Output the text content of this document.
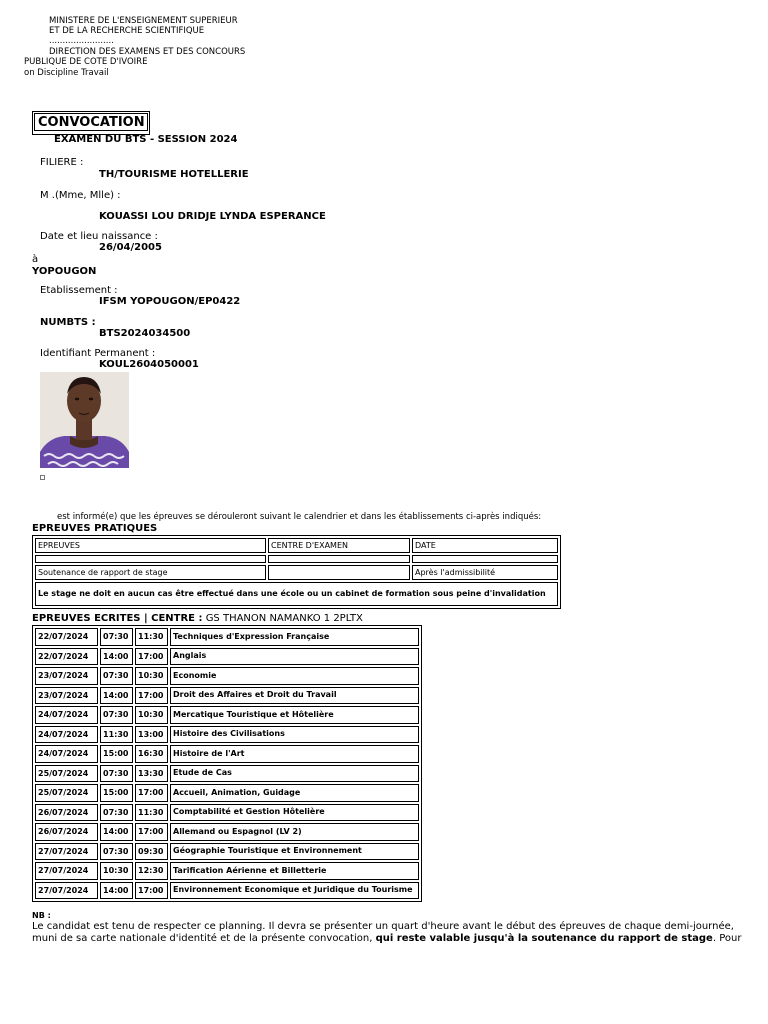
MINISTERE DE L'ENSEIGNEMENT SUPERIEUR
ET DE LA RECHERCHE SCIENTIFIQUE
........................
DIRECTION DES EXAMENS ET DES CONCOURS
PUBLIQUE DE COTE D'IVOIRE
on Discipline Travail
CONVOCATION
EXAMEN DU BTS - SESSION 2024
FILIERE :
TH/TOURISME HOTELLERIE
M .(Mme, Mlle) :
KOUASSI LOU DRIDJE LYNDA ESPERANCE
Date et lieu naissance :
26/04/2005
à
YOPOUGON
Etablissement :
IFSM YOPOUGON/EP0422
NUMBTS :
BTS2024034500
Identifiant Permanent :
KOUL2604050001
est informé(e) que les épreuves se dérouleront suivant le calendrier et dans les établissements ci-après indiqués:
EPREUVES PRATIQUES
EPREUVES	CENTRE D'EXAMEN	DATE

Soutenance de rapport de stage		Après l'admissibilité
Le stage ne doit en aucun cas être effectué dans une école ou un cabinet de formation sous peine d'invalidation		
EPREUVES ECRITES | CENTRE : GS THANON NAMANKO 1 2PLTX
22/07/2024	07:30	11:30	Techniques d'Expression Française
22/07/2024	14:00	17:00	Anglais
23/07/2024	07:30	10:30	Economie
23/07/2024	14:00	17:00	Droit des Affaires et Droit du Travail
24/07/2024	07:30	10:30	Mercatique Touristique et Hôtelière
24/07/2024	11:30	13:00	Histoire des Civilisations
24/07/2024	15:00	16:30	Histoire de l'Art
25/07/2024	07:30	13:30	Etude de Cas
25/07/2024	15:00	17:00	Accueil, Animation, Guidage
26/07/2024	07:30	11:30	Comptabilité et Gestion Hôtelière
26/07/2024	14:00	17:00	Allemand ou Espagnol (LV 2)
27/07/2024	07:30	09:30	Géographie Touristique et Environnement
27/07/2024	10:30	12:30	Tarification Aérienne et Billetterie
27/07/2024	14:00	17:00	Environnement Economique et Juridique du Tourisme
NB :
Le candidat est tenu de respecter ce planning. Il devra se présenter un quart d'heure avant le début des épreuves de chaque demi-journée, muni de sa carte nationale d'identité et de la présente convocation, qui reste valable jusqu'à la soutenance du rapport de stage. Pour
